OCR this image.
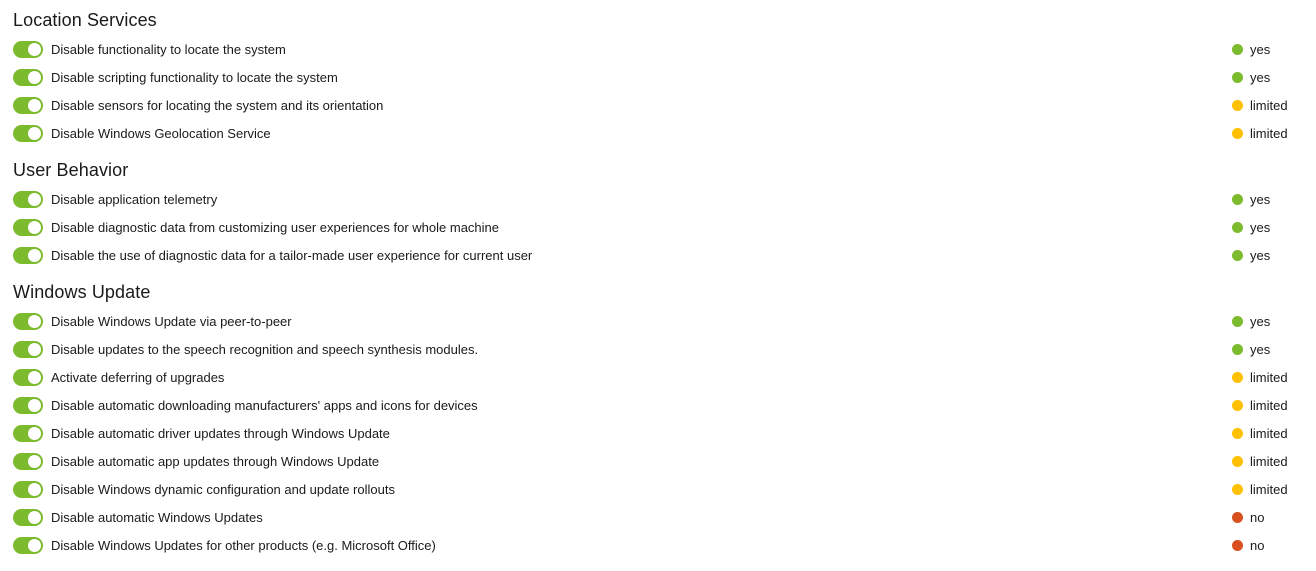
Location Services
Disable functionality to locate the system	yes
Disable scripting functionality to locate the system	yes
Disable sensors for locating the system and its orientation	limited
Disable Windows Geolocation Service	limited
User Behavior
Disable application telemetry	yes
Disable diagnostic data from customizing user experiences for whole machine	yes
Disable the use of diagnostic data for a tailor-made user experience for current user	yes
Windows Update
Disable Windows Update via peer-to-peer	yes
Disable updates to the speech recognition and speech synthesis modules.	yes
Activate deferring of upgrades	limited
Disable automatic downloading manufacturers' apps and icons for devices	limited
Disable automatic driver updates through Windows Update	limited
Disable automatic app updates through Windows Update	limited
Disable Windows dynamic configuration and update rollouts	limited
Disable automatic Windows Updates	no
Disable Windows Updates for other products (e.g. Microsoft Office)	no
